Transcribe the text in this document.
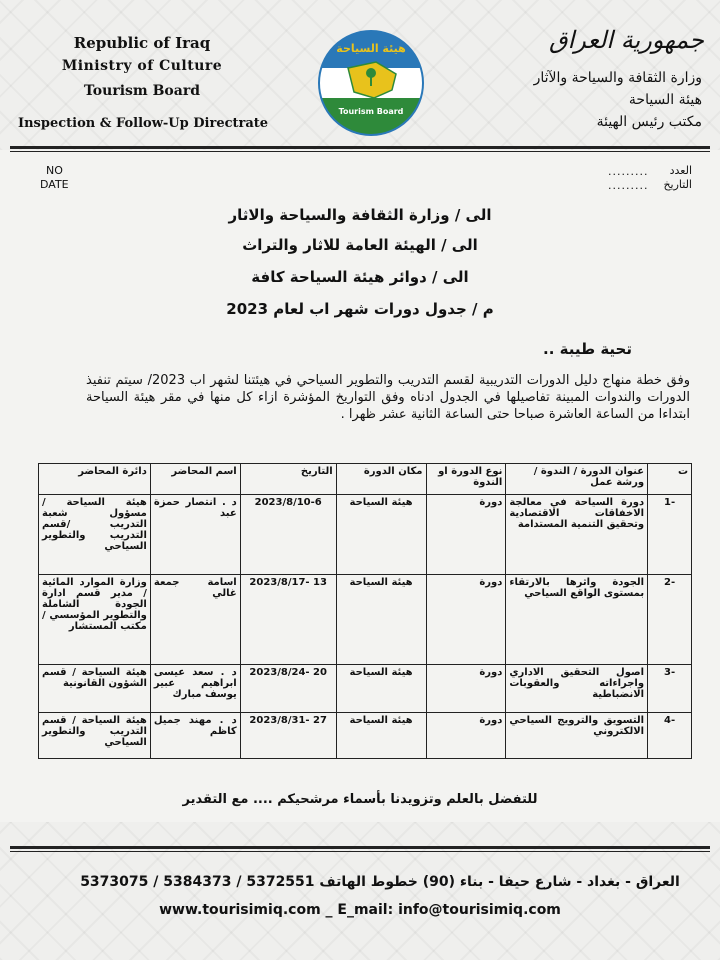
Republic of Iraq
Ministry of Culture
Tourism Board
Inspection & Follow-Up Directrate
هيئة السياحة
Tourism Board
جمهورية العراق
وزارة الثقافة والسياحة والآثار
هيئة السياحة
مكتب رئيس الهيئة
NO
DATE
.........
.........
العدد
التاريخ
الى / وزارة الثقافة والسياحة والاثار
الى / الهيئة العامة للاثار والتراث
الى / دوائر هيئة السياحة كافة
م / جدول دورات شهر اب لعام 2023
تحية طيبة ..
وفق خطة منهاج دليل الدورات التدريبية لقسم التدريب والتطوير السياحي في هيئتنا لشهر اب 2023/ سيتم تنفيذ الدورات والندوات المبينة تفاصيلها في الجدول ادناه وفق التواريخ المؤشرة ازاء كل منها في مقر هيئة السياحة ابتداءا من الساعة العاشرة صباحا حتى الساعة الثانية عشر ظهرا .
ت	عنوان الدورة / الندوة / ورشة عمل	نوع الدورة او الندوة	مكان الدورة	التاريخ	اسم المحاضر	دائرة المحاضر
-1	دورة السياحة في معالجة الاخفاقات الاقتصادية وتحقيق التنمية المستدامة	دورة	هيئة السياحة	2023/8/10-6	د . انتصار حمزة عبد	هيئة السياحة / مسؤول شعبة التدريب /قسم التدريب والتطوير السياحي
-2	الجودة واثرها بالارتقاء بمستوى الواقع السياحي	دورة	هيئة السياحة	2023/8/17- 13	اسامة جمعة غالي	وزارة الموارد المائية / مدير قسم ادارة الجودة الشاملة والتطوير المؤسسي / مكتب المستشار
-3	اصول التحقيق الاداري واجراءاته والعقوبات الانضباطية	دورة	هيئة السياحة	2023/8/24- 20	د . سعد عيسى ابراهيم عبير يوسف مبارك	هيئة السياحة / قسم الشؤون القانونية
-4	التسويق والترويج السياحي الالكتروني	دورة	هيئة السياحة	2023/8/31- 27	د . مهند جميل كاظم	هيئة السياحة / قسم التدريب والتطوير السياحي
للتفضل بالعلم وتزويدنا بأسماء مرشحيكم .... مع التقدير
العراق - بغداد - شارع حيفا - بناء (90) خطوط الهاتف 5372551 / 5384373 / 5373075
www.tourisimiq.com _ E_mail: info@tourisimiq.com
